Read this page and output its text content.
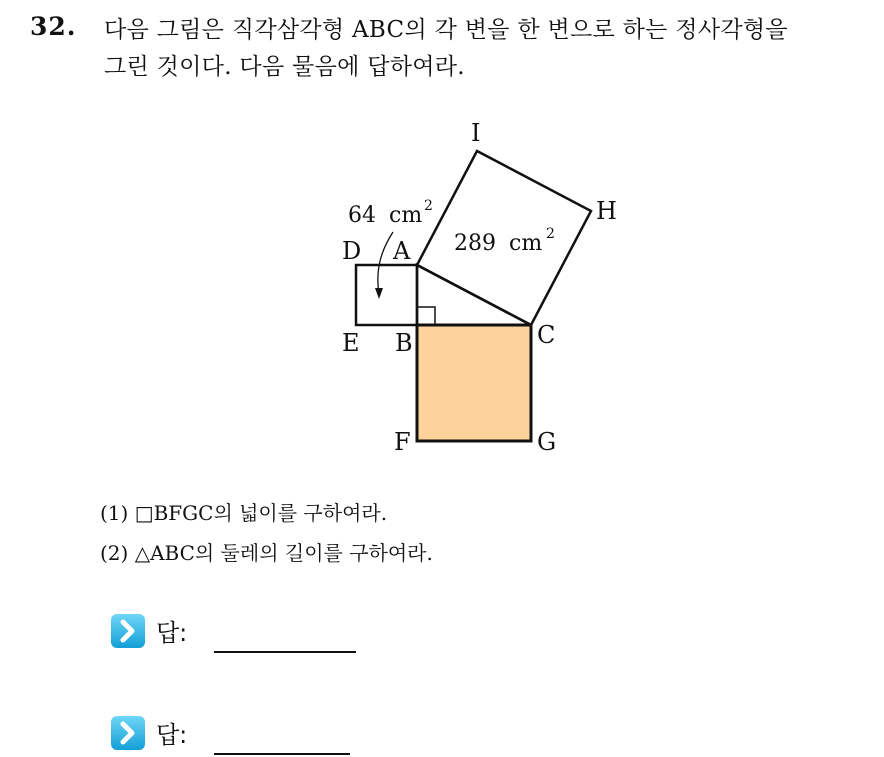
32. 다음 그림은 직각삼각형 ABC의 각 변을 한 변으로 하는 정사각형을
그린 것이다. 다음 물음에 답하여라.
I
H
D A
E B	C
F	G
64 cm 2
289 cm 2
(1) □BFGC의 넓이를 구하여라.
(2) △ABC의 둘레의 길이를 구하여라.
답:
답:
